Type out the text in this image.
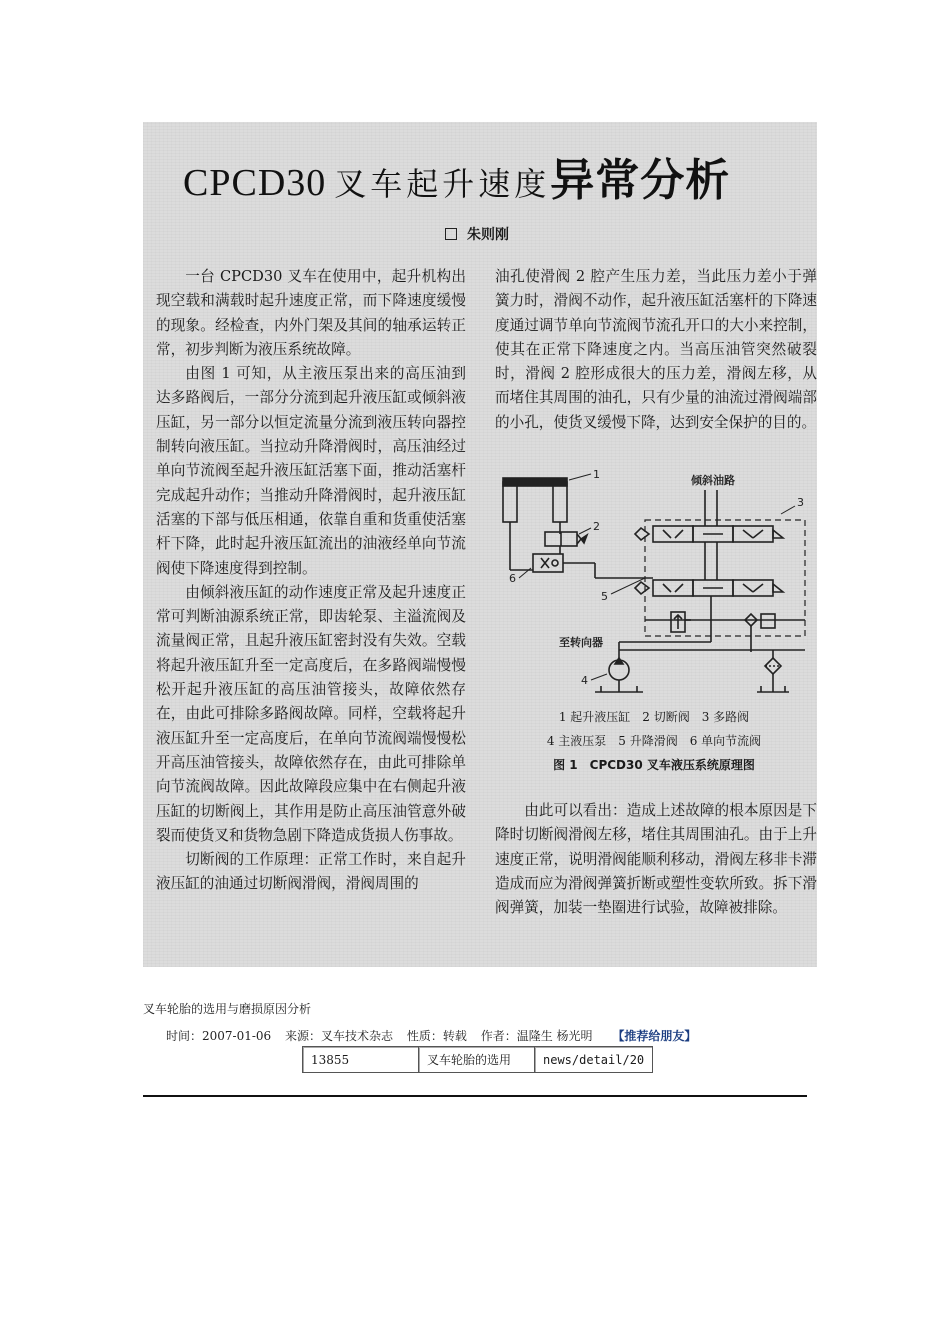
CPCD30 叉车起升速度异常分析
朱则刚

一台 CPCD30 叉车在使用中，起升机构出现空载和满载时起升速度正常，而下降速度缓慢的现象。经检查，内外门架及其间的轴承运转正常，初步判断为液压系统故障。

由图 1 可知，从主液压泵出来的高压油到达多路阀后，一部分分流到起升液压缸或倾斜液压缸，另一部分以恒定流量分流到液压转向器控制转向液压缸。当拉动升降滑阀时，高压油经过单向节流阀至起升液压缸活塞下面，推动活塞杆完成起升动作；当推动升降滑阀时，起升液压缸活塞的下部与低压相通，依靠自重和货重使活塞杆下降，此时起升液压缸流出的油液经单向节流阀使下降速度得到控制。

由倾斜液压缸的动作速度正常及起升速度正常可判断油源系统正常，即齿轮泵、主溢流阀及流量阀正常，且起升液压缸密封没有失效。空载将起升液压缸升至一定高度后，在多路阀端慢慢松开起升液压缸的高压油管接头，故障依然存在，由此可排除多路阀故障。同样，空载将起升液压缸升至一定高度后，在单向节流阀端慢慢松开高压油管接头，故障依然存在，由此可排除单向节流阀故障。因此故障段应集中在右侧起升液压缸的切断阀上，其作用是防止高压油管意外破裂而使货叉和货物急剧下降造成货损人伤事故。

切断阀的工作原理：正常工作时，来自起升液压缸的油通过切断阀滑阀，滑阀周围的

油孔使滑阀 2 腔产生压力差，当此压力差小于弹簧力时，滑阀不动作，起升液压缸活塞杆的下降速度通过调节单向节流阀节流孔开口的大小来控制，使其在正常下降速度之内。当高压油管突然破裂时，滑阀 2 腔形成很大的压力差，滑阀左移，从而堵住其周围的油孔，只有少量的油流过滑阀端部的小孔，使货叉缓慢下降，达到安全保护的目的。

1
2
3
4
5
6
倾斜油路
至转向器
1 起升液压缸　2 切断阀　3 多路阀
4 主液压泵　5 升降滑阀　6 单向节流阀
图 1　CPCD30 叉车液压系统原理图

由此可以看出：造成上述故障的根本原因是下降时切断阀滑阀左移，堵住其周围油孔。由于上升速度正常，说明滑阀能顺利移动，滑阀左移非卡滞造成而应为滑阀弹簧折断或塑性变软所致。拆下滑阀弹簧，加装一垫圈进行试验，故障被排除。

叉车轮胎的选用与磨损原因分析
时间：2007-01-06 来源：叉车技术杂志 性质：转载 作者：温隆生 杨光明 【推荐给朋友】
13855	叉车轮胎的选用	news/detail/20
